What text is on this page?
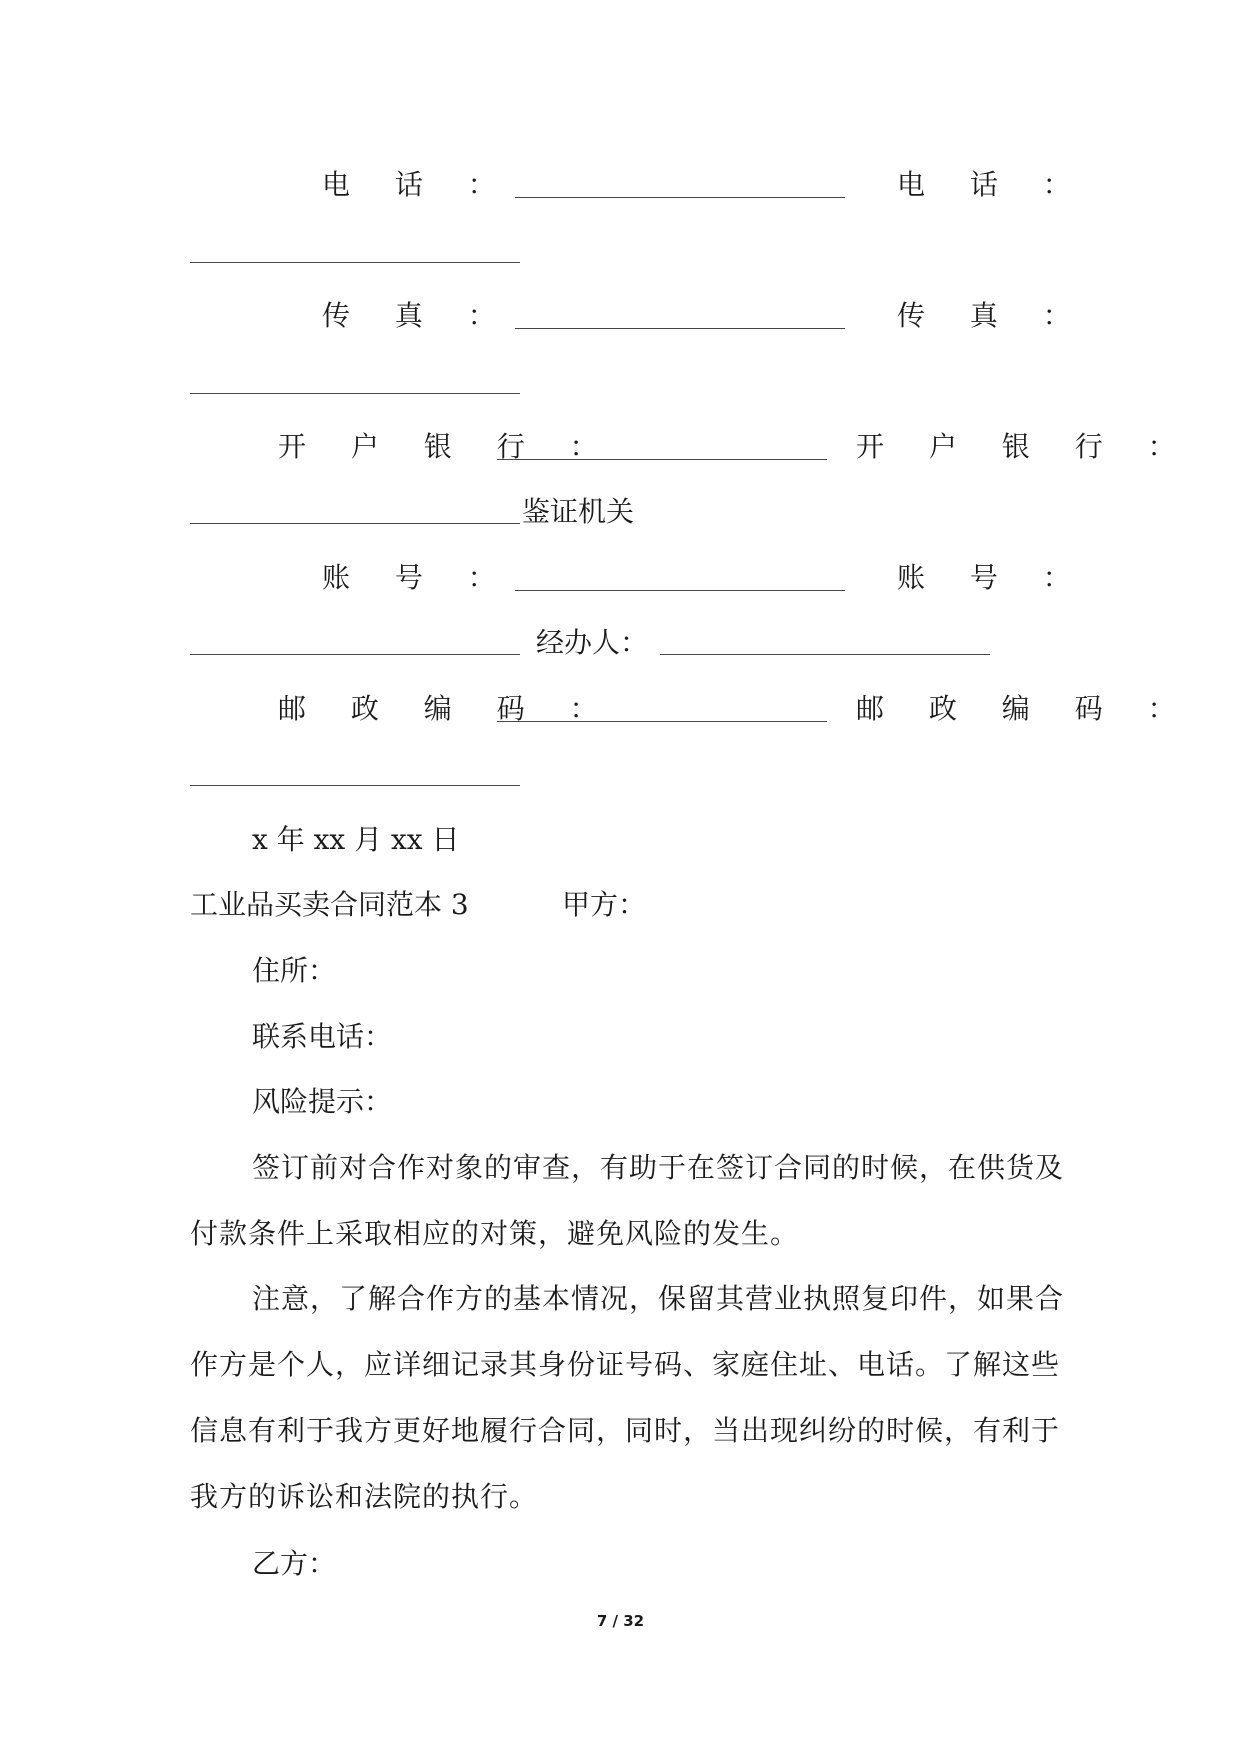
电 话 ：	电 话 ：
传 真 ：	传 真 ：
开 户 银 行 ：	开 户 银 行 ：
鉴证机关
账 号 ：	账 号 ：
经办人：
邮 政 编 码 ：	邮 政 编 码 ：
x 年 xx 月 xx 日
工业品买卖合同范本 3	甲方：
住所：
联系电话：
风险提示：
签订前对合作对象的审查，有助于在签订合同的时候，在供货及付款条件上采取相应的对策，避免风险的发生。
注意，了解合作方的基本情况，保留其营业执照复印件，如果合作方是个人，应详细记录其身份证号码、家庭住址、电话。了解这些信息有利于我方更好地履行合同，同时，当出现纠纷的时候，有利于我方的诉讼和法院的执行。
乙方：
7 / 32
